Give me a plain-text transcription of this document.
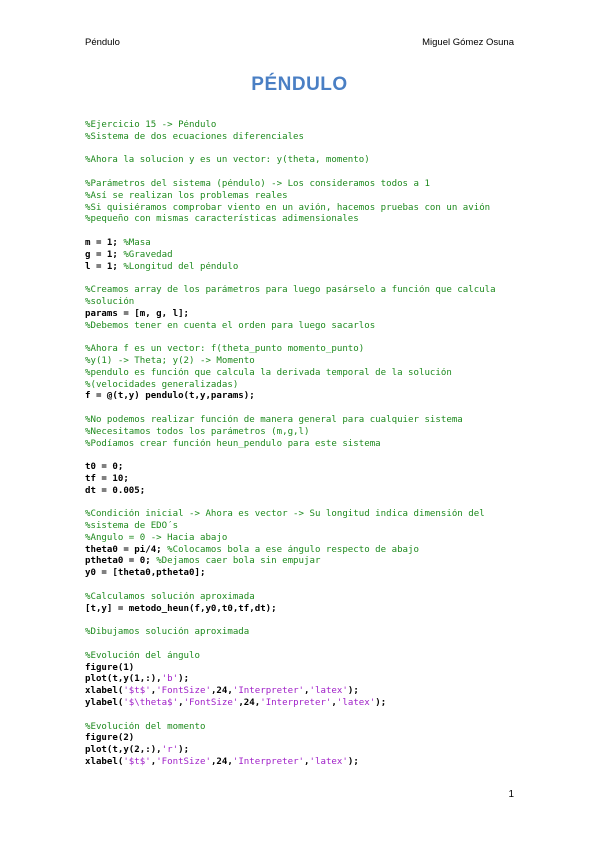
Péndulo	Miguel Gómez Osuna
PÉNDULO
%Ejercicio 15 -> Péndulo
%Sistema de dos ecuaciones diferenciales
%Ahora la solucion y es un vector: y(theta, momento)
%Parámetros del sistema (péndulo) -> Los consideramos todos a 1
%Así se realizan los problemas reales
%Si quisiéramos comprobar viento en un avión, hacemos pruebas con un avión
%pequeño con mismas características adimensionales
m = 1; %Masa
g = 1; %Gravedad
l = 1; %Longitud del péndulo
%Creamos array de los parámetros para luego pasárselo a función que calcula
%solución
params = [m, g, l];
%Debemos tener en cuenta el orden para luego sacarlos
%Ahora f es un vector: f(theta_punto momento_punto)
%y(1) -> Theta; y(2) -> Momento
%pendulo es función que calcula la derivada temporal de la solución
%(velocidades generalizadas)
f = @(t,y) pendulo(t,y,params);
%No podemos realizar función de manera general para cualquier sistema
%Necesitamos todos los parámetros (m,g,l)
%Podíamos crear función heun_pendulo para este sistema
t0 = 0;
tf = 10;
dt = 0.005;
%Condición inicial -> Ahora es vector -> Su longitud indica dimensión del
%sistema de EDO´s
%Ángulo = 0 -> Hacia abajo
theta0 = pi/4; %Colocamos bola a ese ángulo respecto de abajo
ptheta0 = 0; %Dejamos caer bola sin empujar
y0 = [theta0,ptheta0];
%Calculamos solución aproximada
[t,y] = metodo_heun(f,y0,t0,tf,dt);
%Dibujamos solución aproximada
%Evolución del ángulo
figure(1)
plot(t,y(1,:),'b');
xlabel('$t$','FontSize',24,'Interpreter','latex');
ylabel('$\theta$','FontSize',24,'Interpreter','latex');
%Evolución del momento
figure(2)
plot(t,y(2,:),'r');
xlabel('$t$','FontSize',24,'Interpreter','latex');
1
